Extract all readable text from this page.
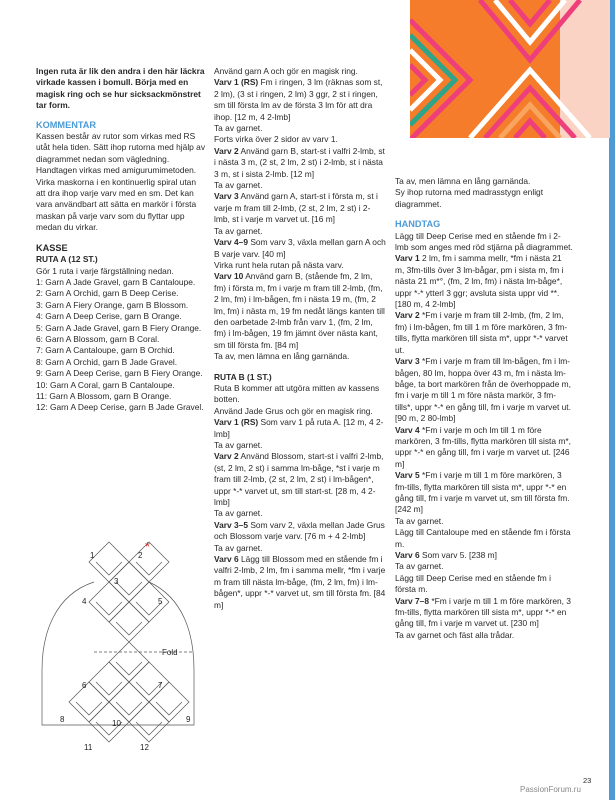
Ingen ruta är lik den andra i den här läckra virkade kassen i bomull. Börja med en magisk ring och se hur sicksackmönstret tar form.

KOMMENTAR

Kassen består av rutor som virkas med RS utåt hela tiden. Sätt ihop rutorna med hjälp av diagrammet nedan som vägledning. Handtagen virkas med amigurumimetoden. Virka maskorna i en kontinuerlig spiral utan att dra ihop varje varv med en sm. Det kan vara användbart att sätta en markör i första maskan på varje varv som du flyttar upp medan du virkar.

KASSE

RUTA A (12 ST.)

Gör 1 ruta i varje färgställning nedan.

1: Garn A Jade Gravel, garn B Cantaloupe.

2: Garn A Orchid, garn B Deep Cerise.

3: Garn A Fiery Orange, garn B Blossom.

4: Garn A Deep Cerise, garn B Orange.

5: Garn A Jade Gravel, garn B Fiery Orange.

6: Garn A Blossom, garn B Coral.

7: Garn A Cantaloupe, garn B Orchid.

8: Garn A Orchid, garn B Jade Gravel.

9: Garn A Deep Cerise, garn B Fiery Orange.

10: Garn A Coral, garn B Cantaloupe.

11: Garn A Blossom, garn B Orange.

12: Garn A Deep Cerise, garn B Jade Gravel.

Använd garn A och gör en magisk ring.

Varv 1 (RS) Fm i ringen, 3 lm (räknas som st, 2 lm), (3 st i ringen, 2 lm) 3 ggr, 2 st i ringen, sm till första lm av de första 3 lm för att dra ihop. [12 m, 4 2-lmb]

Ta av garnet.

Forts virka över 2 sidor av varv 1.

Varv 2 Använd garn B, start-st i valfri 2-lmb, st i nästa 3 m, (2 st, 2 lm, 2 st) i 2-lmb, st i nästa 3 m, st i sista 2-lmb. [12 m]

Ta av garnet.

Varv 3 Använd garn A, start-st i första m, st i varje m fram till 2-lmb, (2 st, 2 lm, 2 st) i 2-lmb, st i varje m varvet ut. [16 m]

Ta av garnet.

Varv 4–9 Som varv 3, växla mellan garn A och B varje varv. [40 m]

Virka runt hela rutan på nästa varv.

Varv 10 Använd garn B, (stående fm, 2 lm, fm) i första m, fm i varje m fram till 2-lmb, (fm, 2 lm, fm) i lm-bågen, fm i nästa 19 m, (fm, 2 lm, fm) i nästa m, 19 fm nedåt längs kanten till den oarbetade 2-lmb från varv 1, (fm, 2 lm, fm) i lm-bågen, 19 fm jämnt över nästa kant, sm till första fm. [84 m]

Ta av, men lämna en lång garnända.

RUTA B (1 ST.)

Ruta B kommer att utgöra mitten av kassens botten.

Använd Jade Grus och gör en magisk ring.

Varv 1 (RS) Som varv 1 på ruta A. [12 m, 4 2-lmb]

Ta av garnet.

Varv 2 Använd Blossom, start-st i valfri 2-lmb, (st, 2 lm, 2 st) i samma lm-båge, *st i varje m fram till 2-lmb, (2 st, 2 lm, 2 st) i lm-bågen*, uppr *-* varvet ut, sm till start-st. [28 m, 4 2-lmb]

Ta av garnet.

Varv 3–5 Som varv 2, växla mellan Jade Grus och Blossom varje varv. [76 m + 4 2-lmb]

Ta av garnet.

Varv 6 Lägg till Blossom med en stående fm i valfri 2-lmb, 2 lm, fm i samma mellr, *fm i varje m fram till nästa lm-båge, (fm, 2 lm, fm) i lm-bågen*, uppr *-* varvet ut, sm till första fm. [84 m]

Ta av, men lämna en lång garnända.

Sy ihop rutorna med madrasstygn enligt diagrammet.

HANDTAG

Lägg till Deep Cerise med en stående fm i 2-lmb som anges med röd stjärna på diagrammet.

Varv 1 2 lm, fm i samma mellr, *fm i nästa 21 m, 3fm-tills över 3 lm-bågar, pm i sista m, fm i nästa 21 m*°, (fm, 2 lm, fm) i nästa lm-båge*, uppr *-* ytterl 3 ggr; avsluta sista uppr vid **.

[180 m, 4 2-lmb]

Varv 2 *Fm i varje m fram till 2-lmb, (fm, 2 lm, fm) i lm-bågen, fm till 1 m före markören, 3 fm-tills, flytta markören till sista m*, uppr *-* varvet ut.

Varv 3 *Fm i varje m fram till lm-bågen, fm i lm-bågen, 80 lm, hoppa över 43 m, fm i nästa lm-båge, ta bort markören från de överhoppade m, fm i varje m till 1 m före nästa markör, 3 fm-tills*, uppr *-* en gång till, fm i varje m varvet ut. [90 m, 2 80-lmb]

Varv 4 *Fm i varje m och lm till 1 m före markören, 3 fm-tills, flytta markören till sista m*, uppr *-* en gång till, fm i varje m varvet ut. [246 m]

Varv 5 *Fm i varje m till 1 m före markören, 3 fm-tills, flytta markören till sista m*, uppr *-* en gång till, fm i varje m varvet ut, sm till första fm. [242 m]

Ta av garnet.

Lägg till Cantaloupe med en stående fm i första m.

Varv 6 Som varv 5. [238 m]

Ta av garnet.

Lägg till Deep Cerise med en stående fm i första m.

Varv 7–8 *Fm i varje m till 1 m före markören, 3 fm-tills, flytta markören till sista m*, uppr *-* en gång till, fm i varje m varvet ut. [230 m]

Ta av garnet och fäst alla trådar.

1	2
3
4	5
6	7
8	9
10
11	12
Fold
*
23
PassionForum.ru
